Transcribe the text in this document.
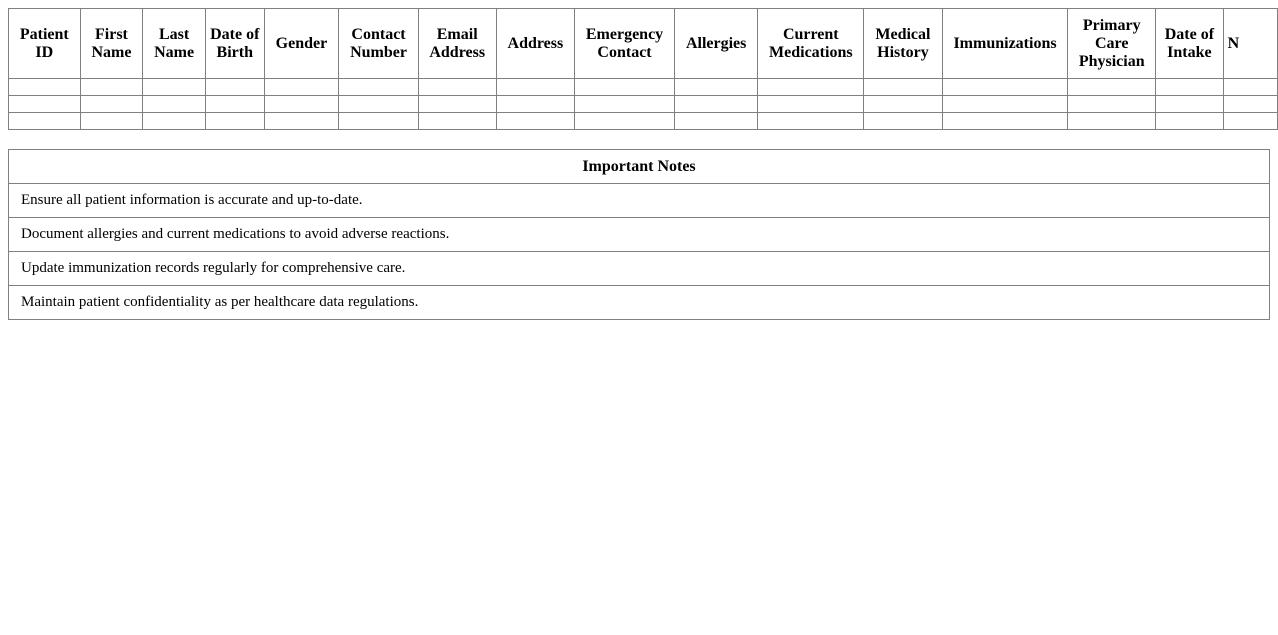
Patient ID	First Name	Last Name	Date of Birth	Gender	Contact Number	Email Address	Address	Emergency Contact	Allergies	Current Medications	Medical History	Immunizations	Primary Care Physician	Date of Intake	N

Important Notes
Ensure all patient information is accurate and up-to-date.
Document allergies and current medications to avoid adverse reactions.
Update immunization records regularly for comprehensive care.
Maintain patient confidentiality as per healthcare data regulations.
